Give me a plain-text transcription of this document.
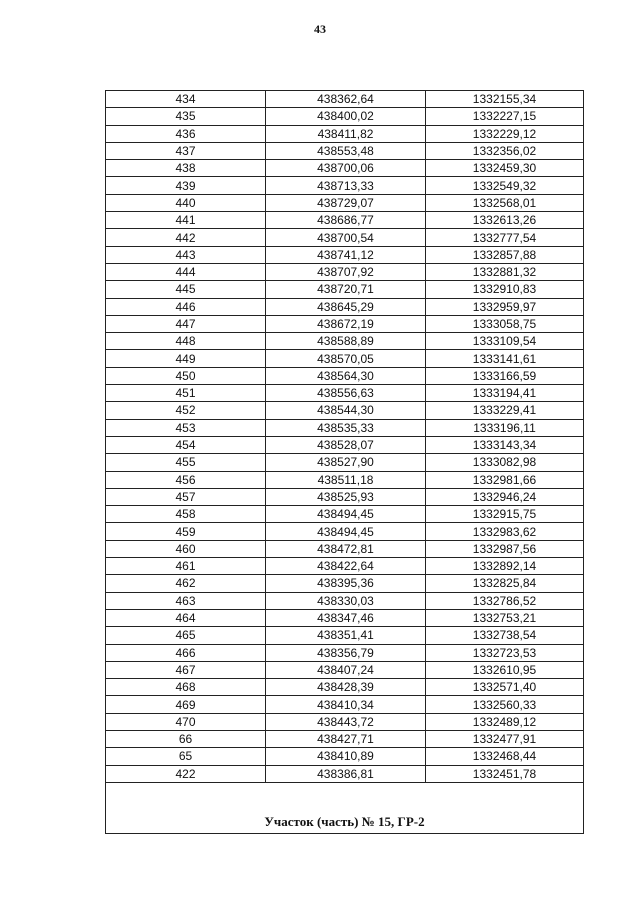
43
434	438362,64	1332155,34
435	438400,02	1332227,15
436	438411,82	1332229,12
437	438553,48	1332356,02
438	438700,06	1332459,30
439	438713,33	1332549,32
440	438729,07	1332568,01
441	438686,77	1332613,26
442	438700,54	1332777,54
443	438741,12	1332857,88
444	438707,92	1332881,32
445	438720,71	1332910,83
446	438645,29	1332959,97
447	438672,19	1333058,75
448	438588,89	1333109,54
449	438570,05	1333141,61
450	438564,30	1333166,59
451	438556,63	1333194,41
452	438544,30	1333229,41
453	438535,33	1333196,11
454	438528,07	1333143,34
455	438527,90	1333082,98
456	438511,18	1332981,66
457	438525,93	1332946,24
458	438494,45	1332915,75
459	438494,45	1332983,62
460	438472,81	1332987,56
461	438422,64	1332892,14
462	438395,36	1332825,84
463	438330,03	1332786,52
464	438347,46	1332753,21
465	438351,41	1332738,54
466	438356,79	1332723,53
467	438407,24	1332610,95
468	438428,39	1332571,40
469	438410,34	1332560,33
470	438443,72	1332489,12
66	438427,71	1332477,91
65	438410,89	1332468,44
422	438386,81	1332451,78

Участок (часть) № 15, ГР-2		
